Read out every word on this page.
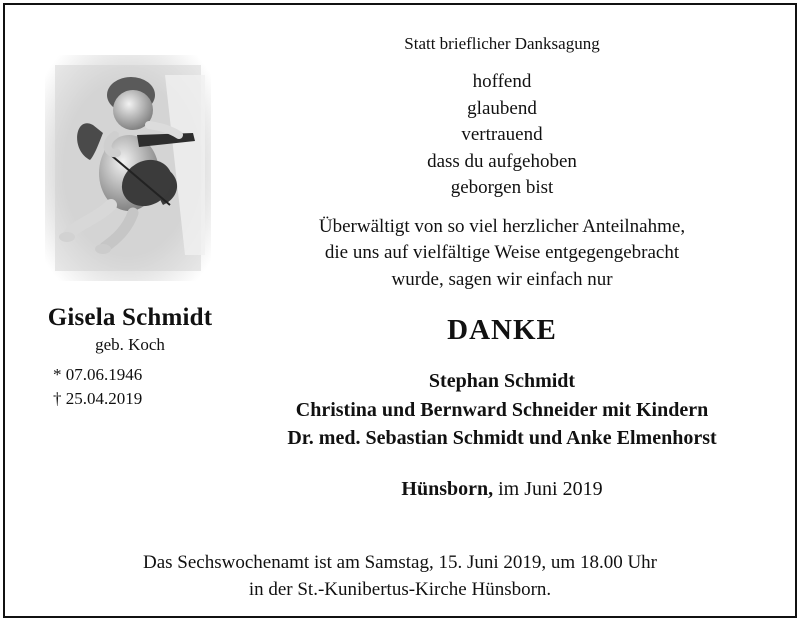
Gisela Schmidt
geb. Koch
* 07.06.1946
† 25.04.2019
Statt brieflicher Danksagung
hoffend
glaubend
vertrauend
dass du aufgehoben
geborgen bist
Überwältigt von so viel herzlicher Anteilnahme,
die uns auf vielfältige Weise entgegengebracht
wurde, sagen wir einfach nur
DANKE
Stephan Schmidt
Christina und Bernward Schneider mit Kindern
Dr. med. Sebastian Schmidt und Anke Elmenhorst
Hünsborn, im Juni 2019
Das Sechswochenamt ist am Samstag, 15. Juni 2019, um 18.00 Uhr
in der St.-Kunibertus-Kirche Hünsborn.
